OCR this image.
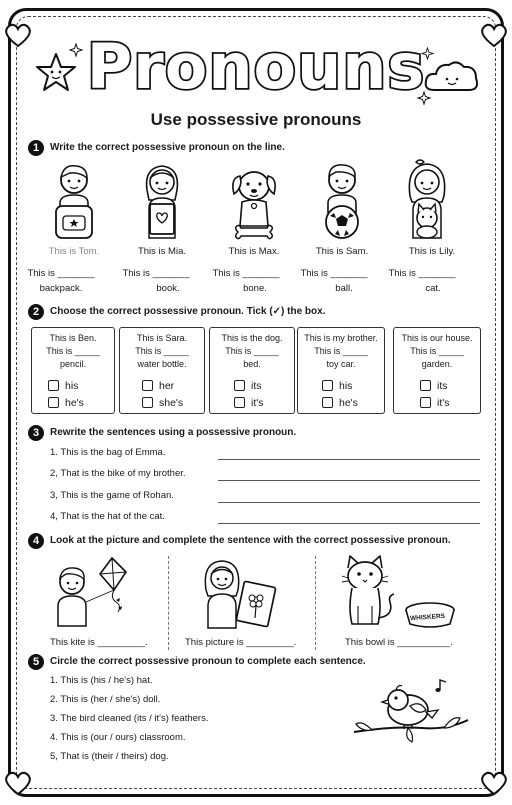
Pronouns
Use possessive pronouns
1	Write the correct possessive pronoun on the line.
This is Tom.	This is Mia.	This is Max.	This is Sam.	This is Lily.
This is _______
backpack.
This is _______
book.
This is _______
bone.
This is _______
ball.
This is _______
cat.
2	Choose the correct possessive pronoun. Tick (✓) the box.
This is Ben.
This is _____
pencil.
his
he's
This is Sara.
This is _____
water bottle.
her
she's
This is the dog.
This is _____
bed.
its
it's
This is my brother.
This is _____
toy car.
his
he's
This is our house.
This is _____
garden.
its
it's
3	Rewrite the sentences using a possessive pronoun.
1. This is the bag of Emma.
2, That is the bike of my brother.
3, This is the game of Rohan.
4, That is the hat of the cat.
4	Look at the picture and complete the sentence with the correct possessive pronoun.
WHISKERS
This kite is _________.	This picture is _________.	This bowl is __________.
5	Circle the correct possessive pronoun to complete each sentence.
1. This is (his / he's) hat.
2. This is (her / she's) doll.
3. The bird cleaned (its / it's) feathers.
4. This is (our / ours) classroom.
5, That is (their / theirs) dog.
